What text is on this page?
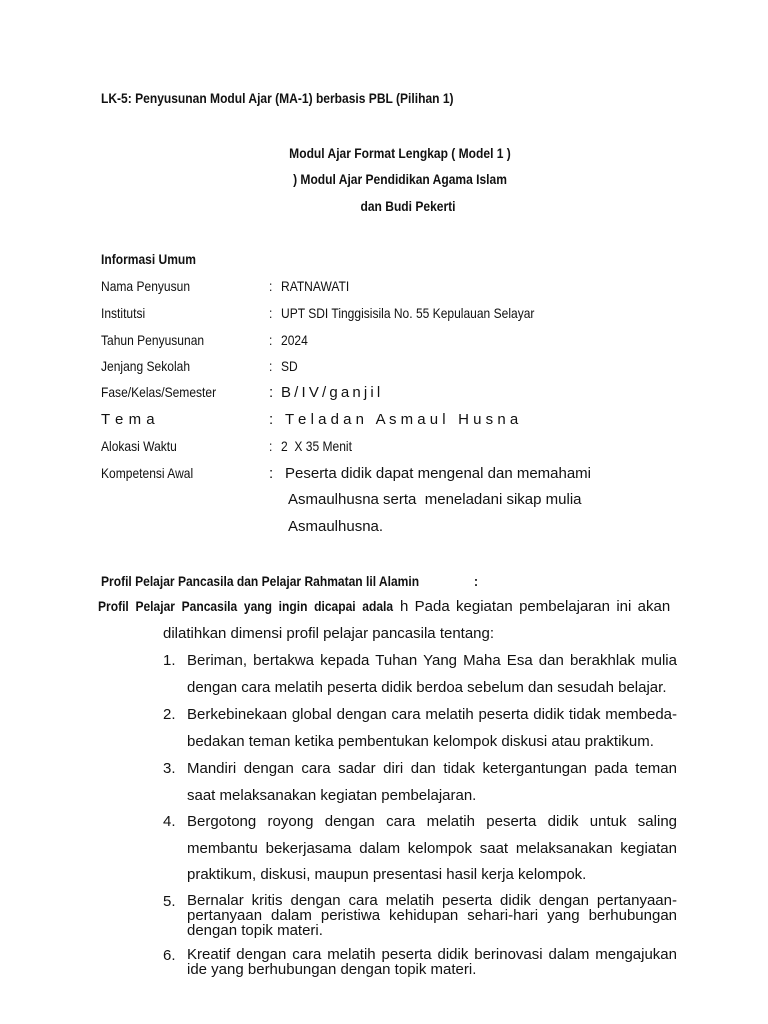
LK-5: Penyusunan Modul Ajar (MA-1) berbasis PBL (Pilihan 1)
Modul Ajar Format Lengkap ( Model 1 )
) Modul Ajar Pendidikan Agama Islam
dan Budi Pekerti
Informasi Umum
Nama Penyusun	: RATNAWATI
Institutsi	: UPT SDI Tinggisisila No. 55 Kepulauan Selayar
Tahun Penyusunan	: 2024
Jenjang Sekolah	: SD
Fase/Kelas/Semester	: B / I V / g a n j i l
T e m a	: T e l a d a n   A s m a u l   H u s n a
Alokasi Waktu	: 2  X 35 Menit
Kompetensi Awal	: Peserta didik dapat mengenal dan memahami
Asmaulhusna serta  meneladani sikap mulia
Asmaulhusna.
Profil Pelajar Pancasila dan Pelajar Rahmatan lil Alamin	:
Profil  Pelajar  Pancasila  yang  ingin  dicapai  adala h  Pada  kegiatan  pembelajaran  ini  akan
dilatihkan dimensi profil pelajar pancasila tentang:
1. Beriman, bertakwa kepada Tuhan Yang Maha Esa dan berakhlak mulia
dengan cara melatih peserta didik berdoa sebelum dan sesudah belajar.
2. Berkebinekaan global dengan cara melatih peserta didik tidak membeda-
bedakan teman ketika pembentukan kelompok diskusi atau praktikum.
3. Mandiri dengan cara sadar diri dan tidak ketergantungan pada teman
saat melaksanakan kegiatan pembelajaran.
4. Bergotong royong dengan cara melatih peserta didik untuk saling
membantu bekerjasama dalam kelompok saat melaksanakan kegiatan
praktikum, diskusi, maupun presentasi hasil kerja kelompok.
5. Bernalar kritis dengan cara melatih peserta didik dengan pertanyaan-pertanyaan dalam peristiwa kehidupan sehari-hari yang berhubungan dengan topik materi.
6. Kreatif dengan cara melatih peserta didik berinovasi dalam mengajukan ide yang berhubungan dengan topik materi.
